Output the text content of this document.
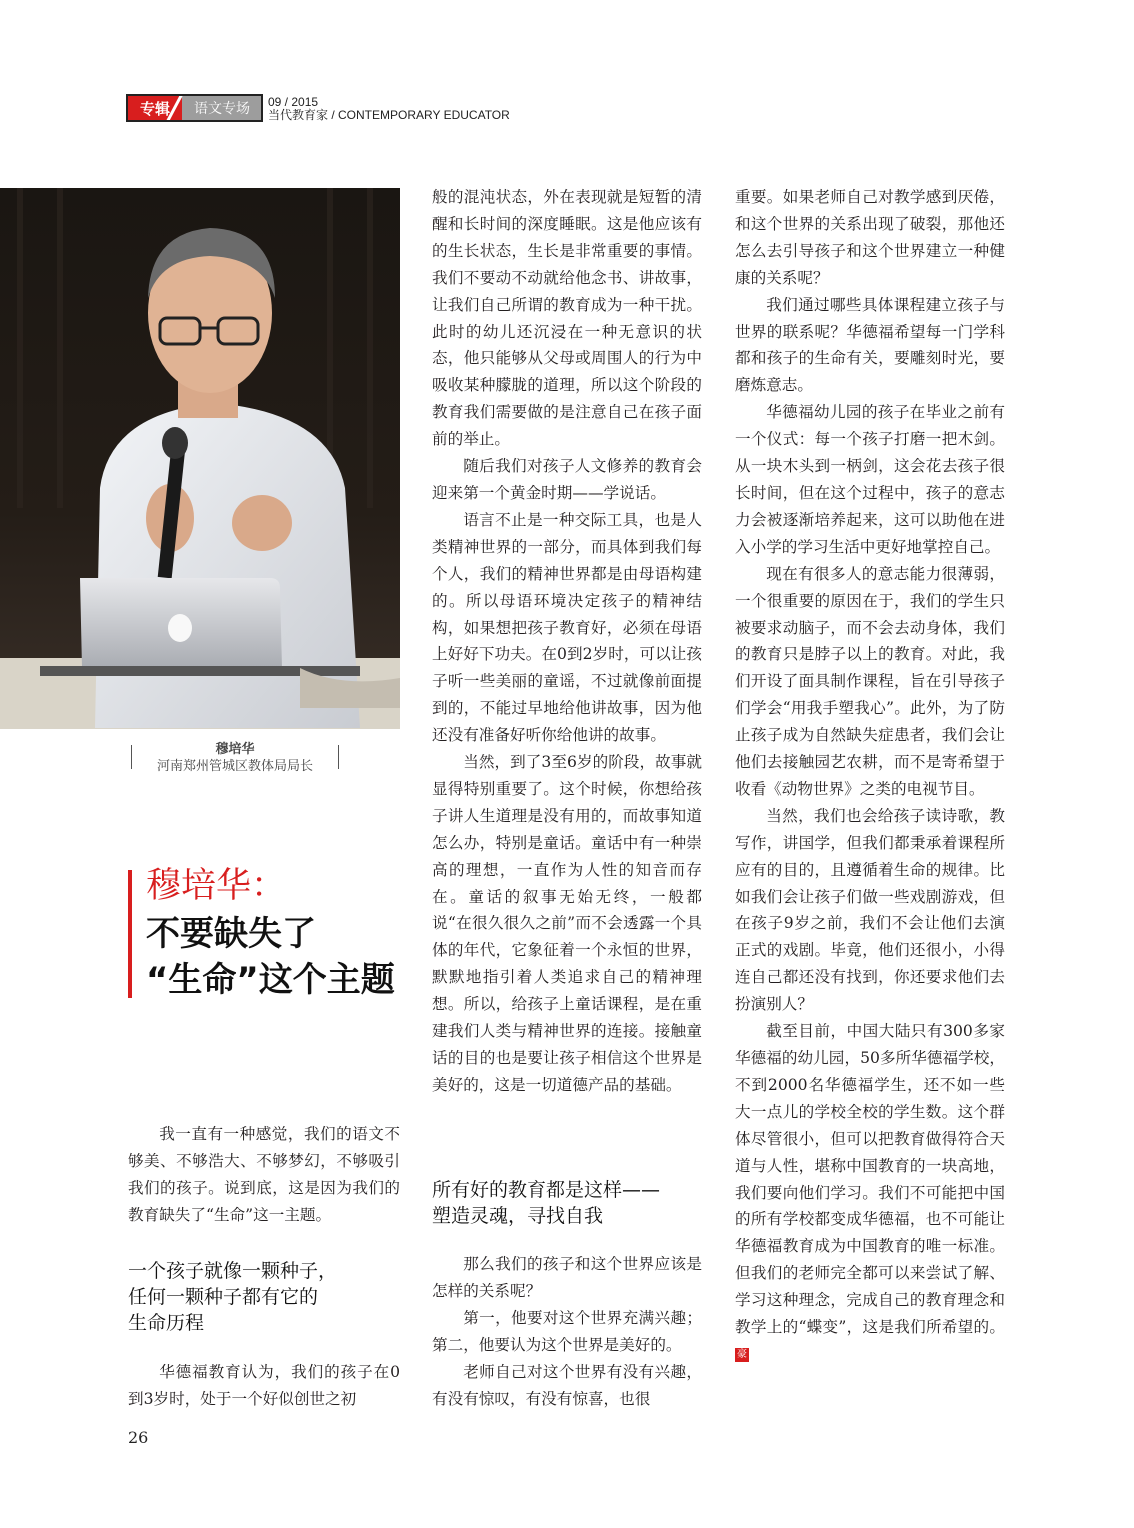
专辑	语文专场	09 / 2015
当代教育家 / CONTEMPORARY EDUCATOR
穆培华
河南郑州管城区教体局局长
穆培华：
不要缺失了
“生命”这个主题

我一直有一种感觉，我们的语文不够美、不够浩大、不够梦幻，不够吸引我们的孩子。说到底，这是因为我们的教育缺失了“生命”这一主题。

一个孩子就像一颗种子，
任何一颗种子都有它的
生命历程

华德福教育认为，我们的孩子在0到3岁时，处于一个好似创世之初

般的混沌状态，外在表现就是短暂的清醒和长时间的深度睡眠。这是他应该有的生长状态，生长是非常重要的事情。我们不要动不动就给他念书、讲故事，让我们自己所谓的教育成为一种干扰。此时的幼儿还沉浸在一种无意识的状态，他只能够从父母或周围人的行为中吸收某种朦胧的道理，所以这个阶段的教育我们需要做的是注意自己在孩子面前的举止。

随后我们对孩子人文修养的教育会迎来第一个黄金时期——学说话。

语言不止是一种交际工具，也是人类精神世界的一部分，而具体到我们每个人，我们的精神世界都是由母语构建的。所以母语环境决定孩子的精神结构，如果想把孩子教育好，必须在母语上好好下功夫。在0到2岁时，可以让孩子听一些美丽的童谣，不过就像前面提到的，不能过早地给他讲故事，因为他还没有准备好听你给他讲的故事。

当然，到了3至6岁的阶段，故事就显得特别重要了。这个时候，你想给孩子讲人生道理是没有用的，而故事知道怎么办，特别是童话。童话中有一种崇高的理想，一直作为人性的知音而存在。童话的叙事无始无终，一般都说“在很久很久之前”而不会透露一个具体的年代，它象征着一个永恒的世界，默默地指引着人类追求自己的精神理想。所以，给孩子上童话课程，是在重建我们人类与精神世界的连接。接触童话的目的也是要让孩子相信这个世界是美好的，这是一切道德产品的基础。

所有好的教育都是这样——
塑造灵魂，寻找自我

那么我们的孩子和这个世界应该是怎样的关系呢？

第一，他要对这个世界充满兴趣；第二，他要认为这个世界是美好的。

老师自己对这个世界有没有兴趣，有没有惊叹，有没有惊喜，也很

重要。如果老师自己对教学感到厌倦，和这个世界的关系出现了破裂，那他还怎么去引导孩子和这个世界建立一种健康的关系呢？

我们通过哪些具体课程建立孩子与世界的联系呢？华德福希望每一门学科都和孩子的生命有关，要雕刻时光，要磨炼意志。

华德福幼儿园的孩子在毕业之前有一个仪式：每一个孩子打磨一把木剑。从一块木头到一柄剑，这会花去孩子很长时间，但在这个过程中，孩子的意志力会被逐渐培养起来，这可以助他在进入小学的学习生活中更好地掌控自己。

现在有很多人的意志能力很薄弱，一个很重要的原因在于，我们的学生只被要求动脑子，而不会去动身体，我们的教育只是脖子以上的教育。对此，我们开设了面具制作课程，旨在引导孩子们学会“用我手塑我心”。此外，为了防止孩子成为自然缺失症患者，我们会让他们去接触园艺农耕，而不是寄希望于收看《动物世界》之类的电视节目。

当然，我们也会给孩子读诗歌，教写作，讲国学，但我们都秉承着课程所应有的目的，且遵循着生命的规律。比如我们会让孩子们做一些戏剧游戏，但在孩子9岁之前，我们不会让他们去演正式的戏剧。毕竟，他们还很小，小得连自己都还没有找到，你还要求他们去扮演别人？

截至目前，中国大陆只有300多家华德福的幼儿园，50多所华德福学校，不到2000名华德福学生，还不如一些大一点儿的学校全校的学生数。这个群体尽管很小，但可以把教育做得符合天道与人性，堪称中国教育的一块高地，我们要向他们学习。我们不可能把中国的所有学校都变成华德福，也不可能让华德福教育成为中国教育的唯一标准。但我们的老师完全都可以来尝试了解、学习这种理念，完成自己的教育理念和教学上的“蝶变”，这是我们所希望的。豪

26
